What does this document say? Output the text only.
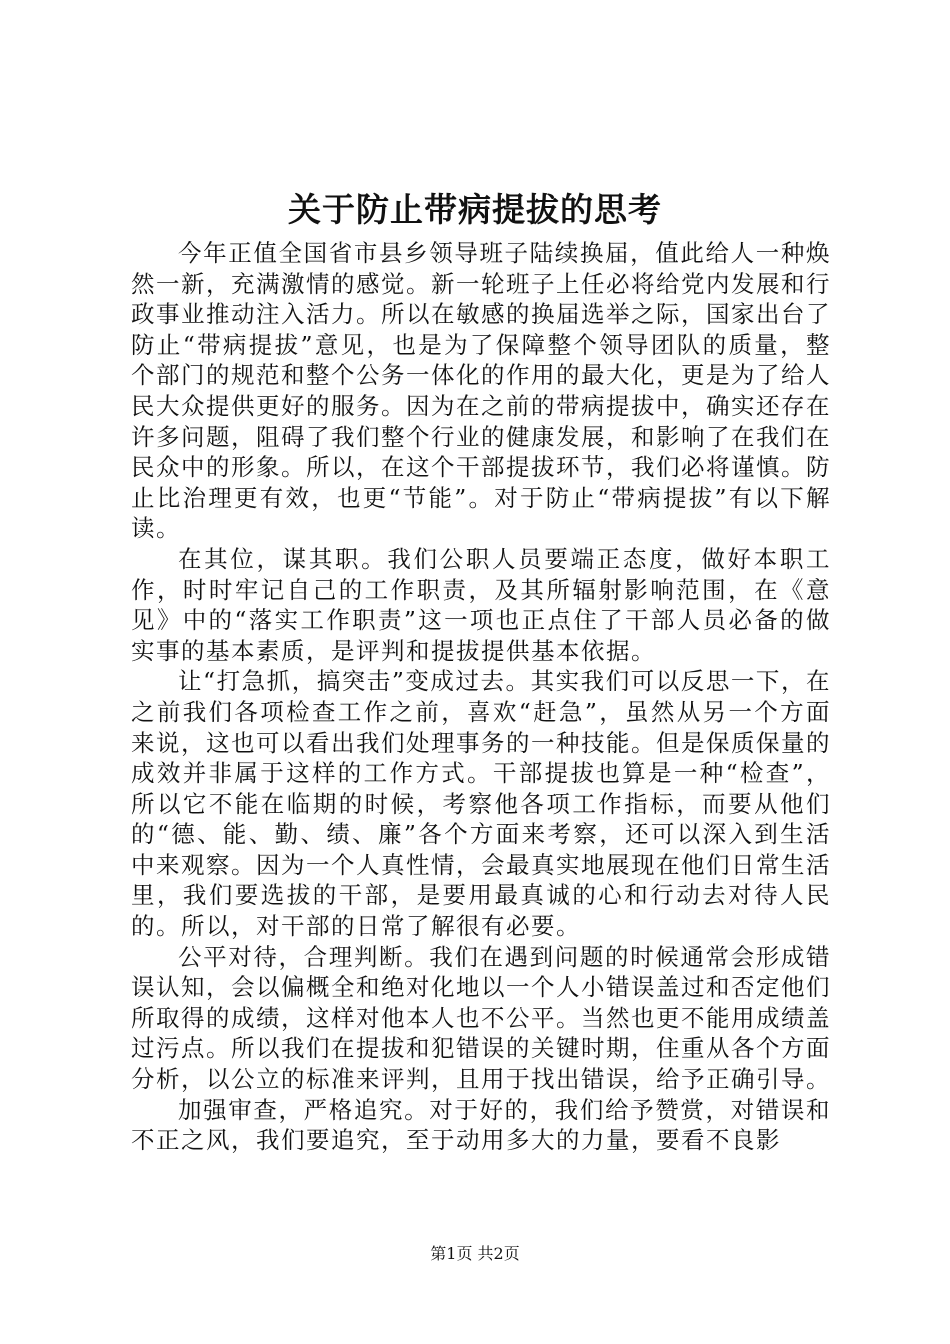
关于防止带病提拔的思考

今年正值全国省市县乡领导班子陆续换届，值此给人一种焕然一新，充满激情的感觉。新一轮班子上任必将给党内发展和行政事业推动注入活力。所以在敏感的换届选举之际，国家出台了防止“带病提拔”意见，也是为了保障整个领导团队的质量，整个部门的规范和整个公务一体化的作用的最大化，更是为了给人民大众提供更好的服务。因为在之前的带病提拔中，确实还存在许多问题，阻碍了我们整个行业的健康发展，和影响了在我们在民众中的形象。所以，在这个干部提拔环节，我们必将谨慎。防止比治理更有效，也更“节能”。对于防止“带病提拔”有以下解读。

在其位，谋其职。我们公职人员要端正态度，做好本职工作，时时牢记自己的工作职责，及其所辐射影响范围，在《意见》中的“落实工作职责”这一项也正点住了干部人员必备的做实事的基本素质，是评判和提拔提供基本依据。

让“打急抓，搞突击”变成过去。其实我们可以反思一下，在之前我们各项检查工作之前，喜欢“赶急”，虽然从另一个方面来说，这也可以看出我们处理事务的一种技能。但是保质保量的成效并非属于这样的工作方式。干部提拔也算是一种“检查”，所以它不能在临期的时候，考察他各项工作指标，而要从他们的“德、能、勤、绩、廉”各个方面来考察，还可以深入到生活中来观察。因为一个人真性情，会最真实地展现在他们日常生活里，我们要选拔的干部，是要用最真诚的心和行动去对待人民的。所以，对干部的日常了解很有必要。

公平对待，合理判断。我们在遇到问题的时候通常会形成错误认知，会以偏概全和绝对化地以一个人小错误盖过和否定他们所取得的成绩，这样对他本人也不公平。当然也更不能用成绩盖过污点。所以我们在提拔和犯错误的关键时期，住重从各个方面分析，以公立的标准来评判，且用于找出错误，给予正确引导。

加强审查，严格追究。对于好的，我们给予赞赏，对错误和不正之风，我们要追究，至于动用多大的力量，要看不良影

第1页 共2页
